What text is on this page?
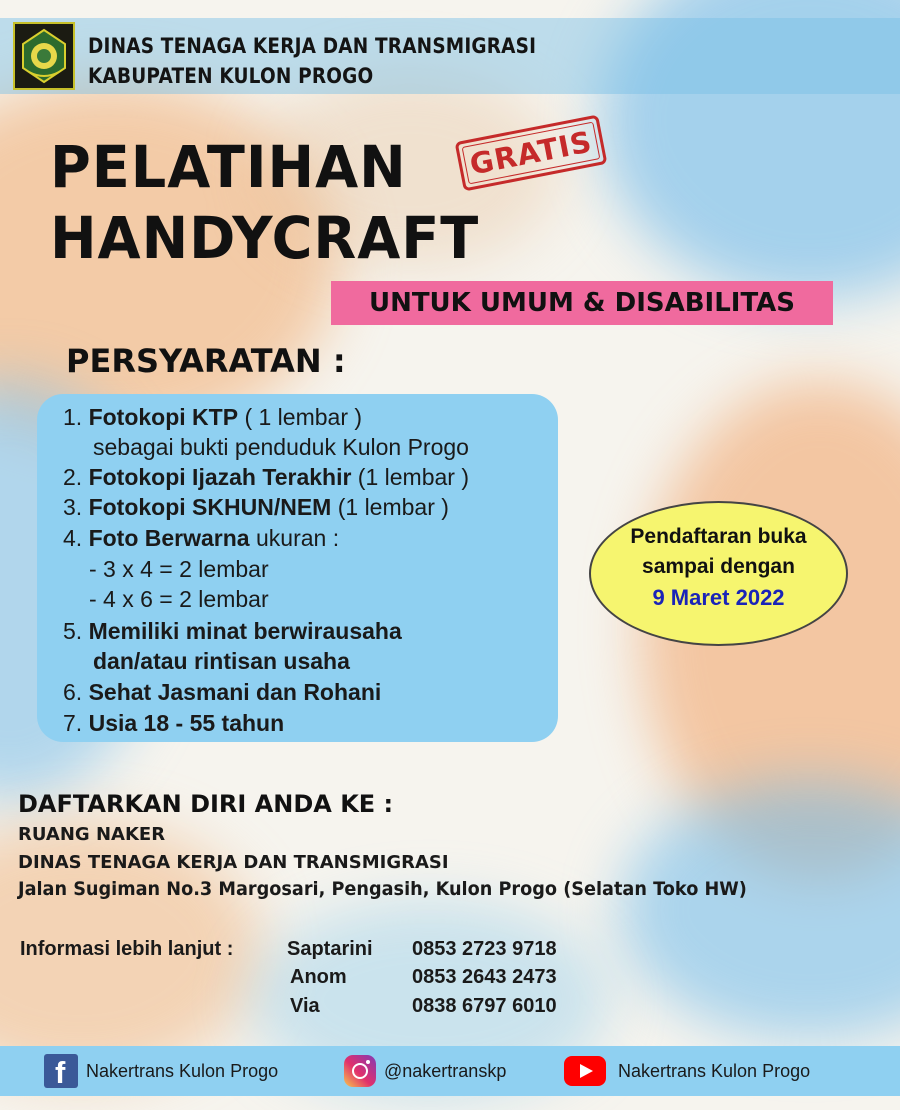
DINAS TENAGA KERJA DAN TRANSMIGRASI
KABUPATEN KULON PROGO
PELATIHAN
HANDYCRAFT
GRATIS
UNTUK UMUM & DISABILITAS
PERSYARATAN :
1. Fotokopi KTP ( 1 lembar )
sebagai bukti penduduk Kulon Progo
2. Fotokopi Ijazah Terakhir (1 lembar )
3. Fotokopi SKHUN/NEM (1 lembar )
4. Foto Berwarna ukuran :
- 3 x 4 = 2 lembar
- 4 x 6 = 2 lembar
5. Memiliki minat berwirausaha
dan/atau rintisan usaha
6. Sehat Jasmani dan Rohani
7. Usia 18 - 55 tahun
Pendaftaran buka
sampai dengan
9 Maret 2022
DAFTARKAN DIRI ANDA KE :
RUANG NAKER
DINAS TENAGA KERJA DAN TRANSMIGRASI
Jalan Sugiman No.3 Margosari, Pengasih, Kulon Progo (Selatan Toko HW)
Informasi lebih lanjut :	Saptarini 0853 2723 9718
Anom	0853 2643 2473
Via	0838 6797 6010
f Nakertrans Kulon Progo	@nakertranskp	Nakertrans Kulon Progo
